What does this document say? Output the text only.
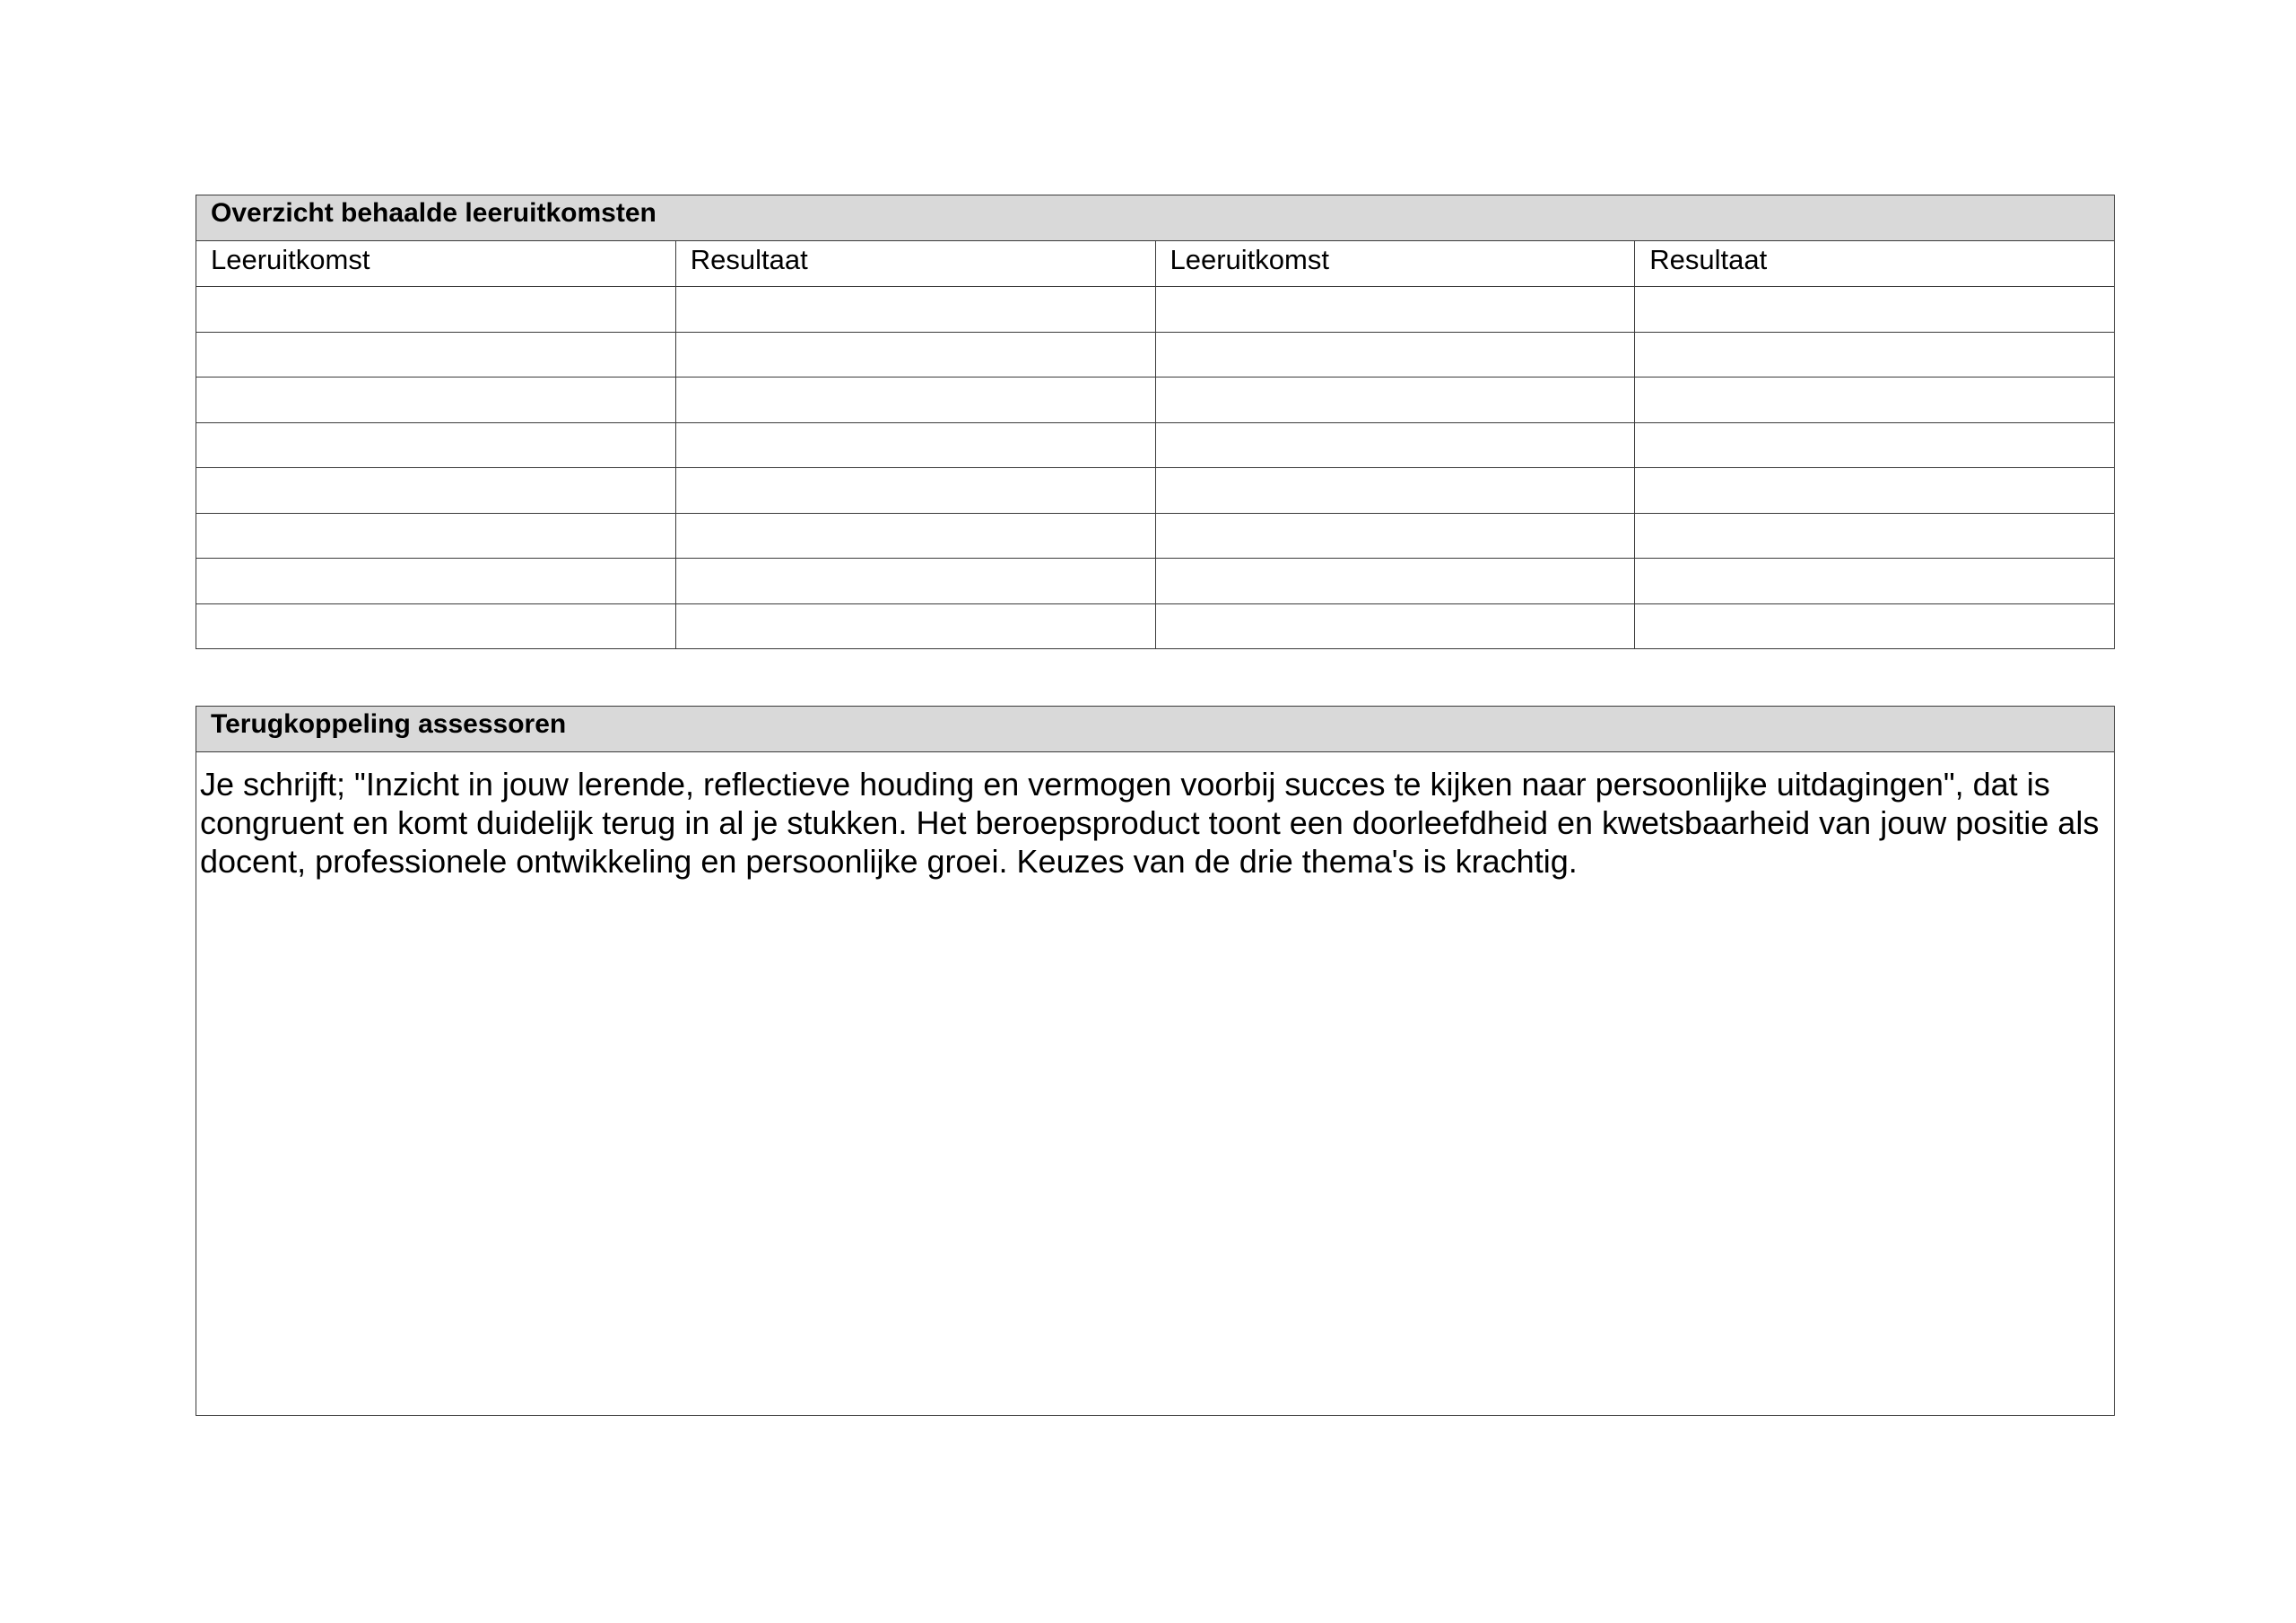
Overzicht behaalde leeruitkomsten			
Leeruitkomst	Resultaat	Leeruitkomst	Resultaat

Terugkoppeling assessoren
Je schrijft; "Inzicht in jouw lerende, reflectieve houding en vermogen voorbij succes te kijken naar persoonlijke uitdagingen", dat is congruent en komt duidelijk terug in al je stukken. Het beroepsproduct toont een doorleefdheid en kwetsbaarheid van jouw positie als docent, professionele ontwikkeling en persoonlijke groei. Keuzes van de drie thema's is krachtig.
